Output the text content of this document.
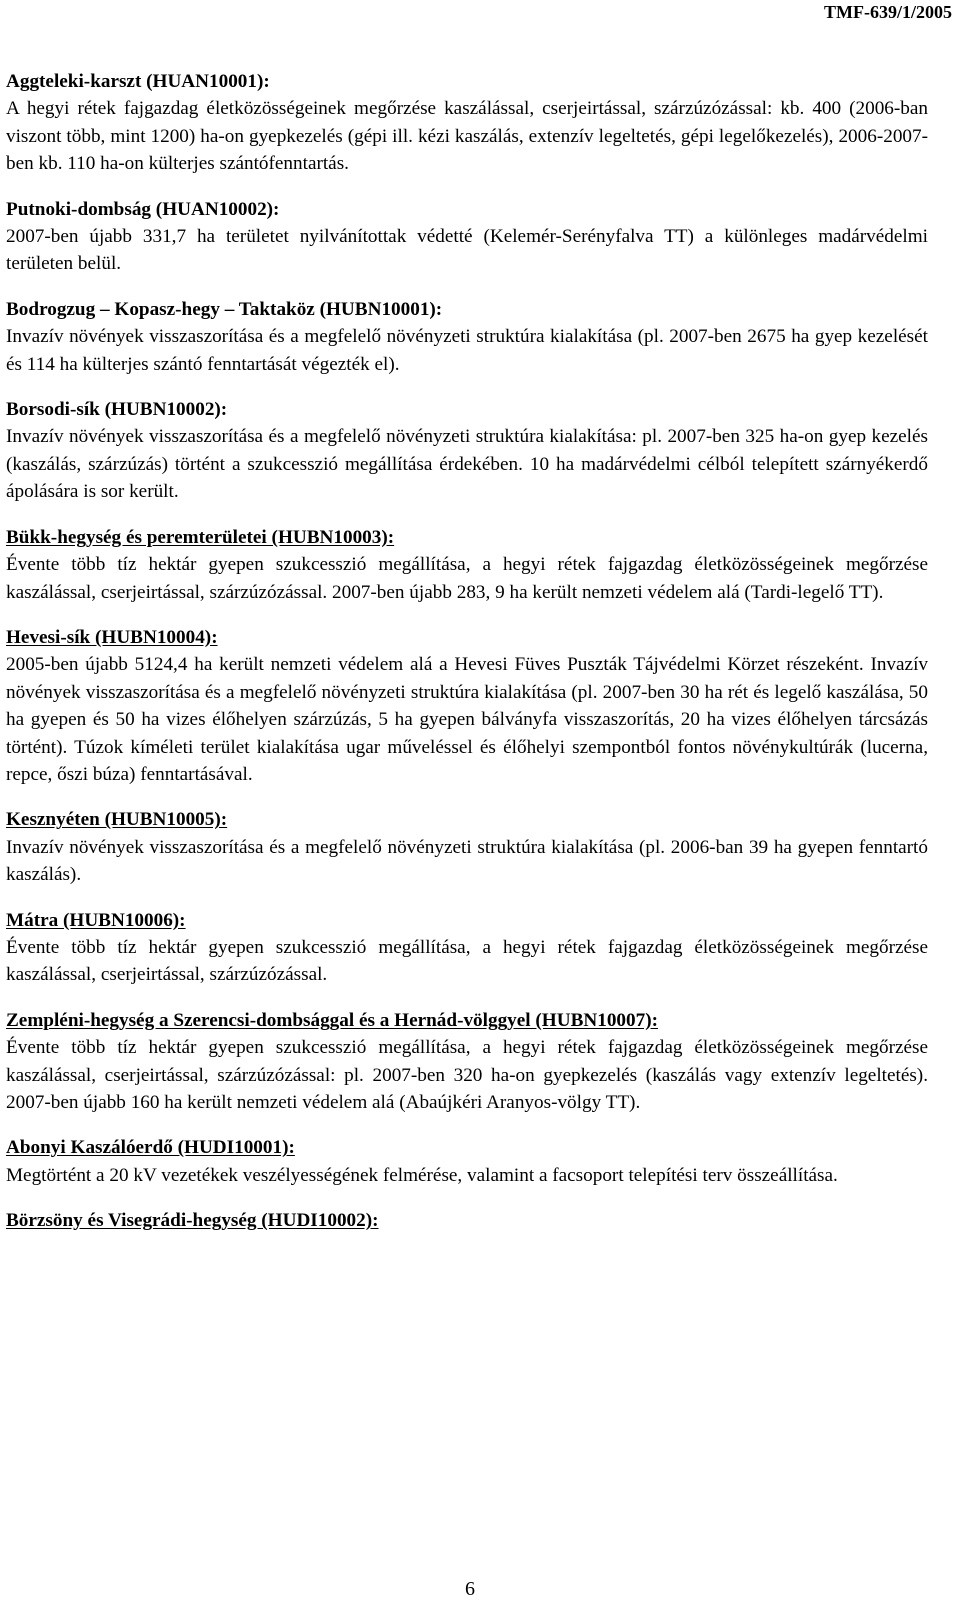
TMF-639/1/2005
Aggteleki-karszt (HUAN10001):
A hegyi rétek fajgazdag életközösségeinek megőrzése kaszálással, cserjeirtással, szárzúzózással: kb. 400 (2006-ban viszont több, mint 1200) ha-on gyepkezelés (gépi ill. kézi kaszálás, extenzív legeltetés, gépi legelőkezelés), 2006-2007-ben kb. 110 ha-on külterjes szántófenntartás.
Putnoki-dombság (HUAN10002):
2007-ben újabb 331,7 ha területet nyilvánítottak védetté (Kelemér-Serényfalva TT) a különleges madárvédelmi területen belül.
Bodrogzug – Kopasz-hegy – Taktaköz (HUBN10001):
Invazív növények visszaszorítása és a megfelelő növényzeti struktúra kialakítása (pl. 2007-ben 2675 ha gyep kezelését és 114 ha külterjes szántó fenntartását végezték el).
Borsodi-sík (HUBN10002):
Invazív növények visszaszorítása és a megfelelő növényzeti struktúra kialakítása: pl. 2007-ben 325 ha-on gyep kezelés (kaszálás, szárzúzás) történt a szukcesszió megállítása érdekében. 10 ha madárvédelmi célból telepített szárnyékerdő ápolására is sor került.
Bükk-hegység és peremterületei (HUBN10003):
Évente több tíz hektár gyepen szukcesszió megállítása, a hegyi rétek fajgazdag életközösségeinek megőrzése kaszálással, cserjeirtással, szárzúzózással. 2007-ben újabb 283, 9 ha került nemzeti védelem alá (Tardi-legelő TT).
Hevesi-sík (HUBN10004):
2005-ben újabb 5124,4 ha került nemzeti védelem alá a Hevesi Füves Puszták Tájvédelmi Körzet részeként. Invazív növények visszaszorítása és a megfelelő növényzeti struktúra kialakítása (pl. 2007-ben 30 ha rét és legelő kaszálása, 50 ha gyepen és 50 ha vizes élőhelyen szárzúzás, 5 ha gyepen bálványfa visszaszorítás, 20 ha vizes élőhelyen tárcsázás történt). Túzok kíméleti terület kialakítása ugar műveléssel és élőhelyi szempontból fontos növénykultúrák (lucerna, repce, őszi búza) fenntartásával.
Kesznyéten (HUBN10005):
Invazív növények visszaszorítása és a megfelelő növényzeti struktúra kialakítása (pl. 2006-ban 39 ha gyepen fenntartó kaszálás).
Mátra (HUBN10006):
Évente több tíz hektár gyepen szukcesszió megállítása, a hegyi rétek fajgazdag életközösségeinek megőrzése kaszálással, cserjeirtással, szárzúzózással.
Zempléni-hegység a Szerencsi-dombsággal és a Hernád-völggyel (HUBN10007):
Évente több tíz hektár gyepen szukcesszió megállítása, a hegyi rétek fajgazdag életközösségeinek megőrzése kaszálással, cserjeirtással, szárzúzózással: pl. 2007-ben 320 ha-on gyepkezelés (kaszálás vagy extenzív legeltetés). 2007-ben újabb 160 ha került nemzeti védelem alá (Abaújkéri Aranyos-völgy TT).
Abonyi Kaszálóerdő (HUDI10001):
Megtörtént a 20 kV vezetékek veszélyességének felmérése, valamint a facsoport telepítési terv összeállítása.
Börzsöny és Visegrádi-hegység (HUDI10002):
6
